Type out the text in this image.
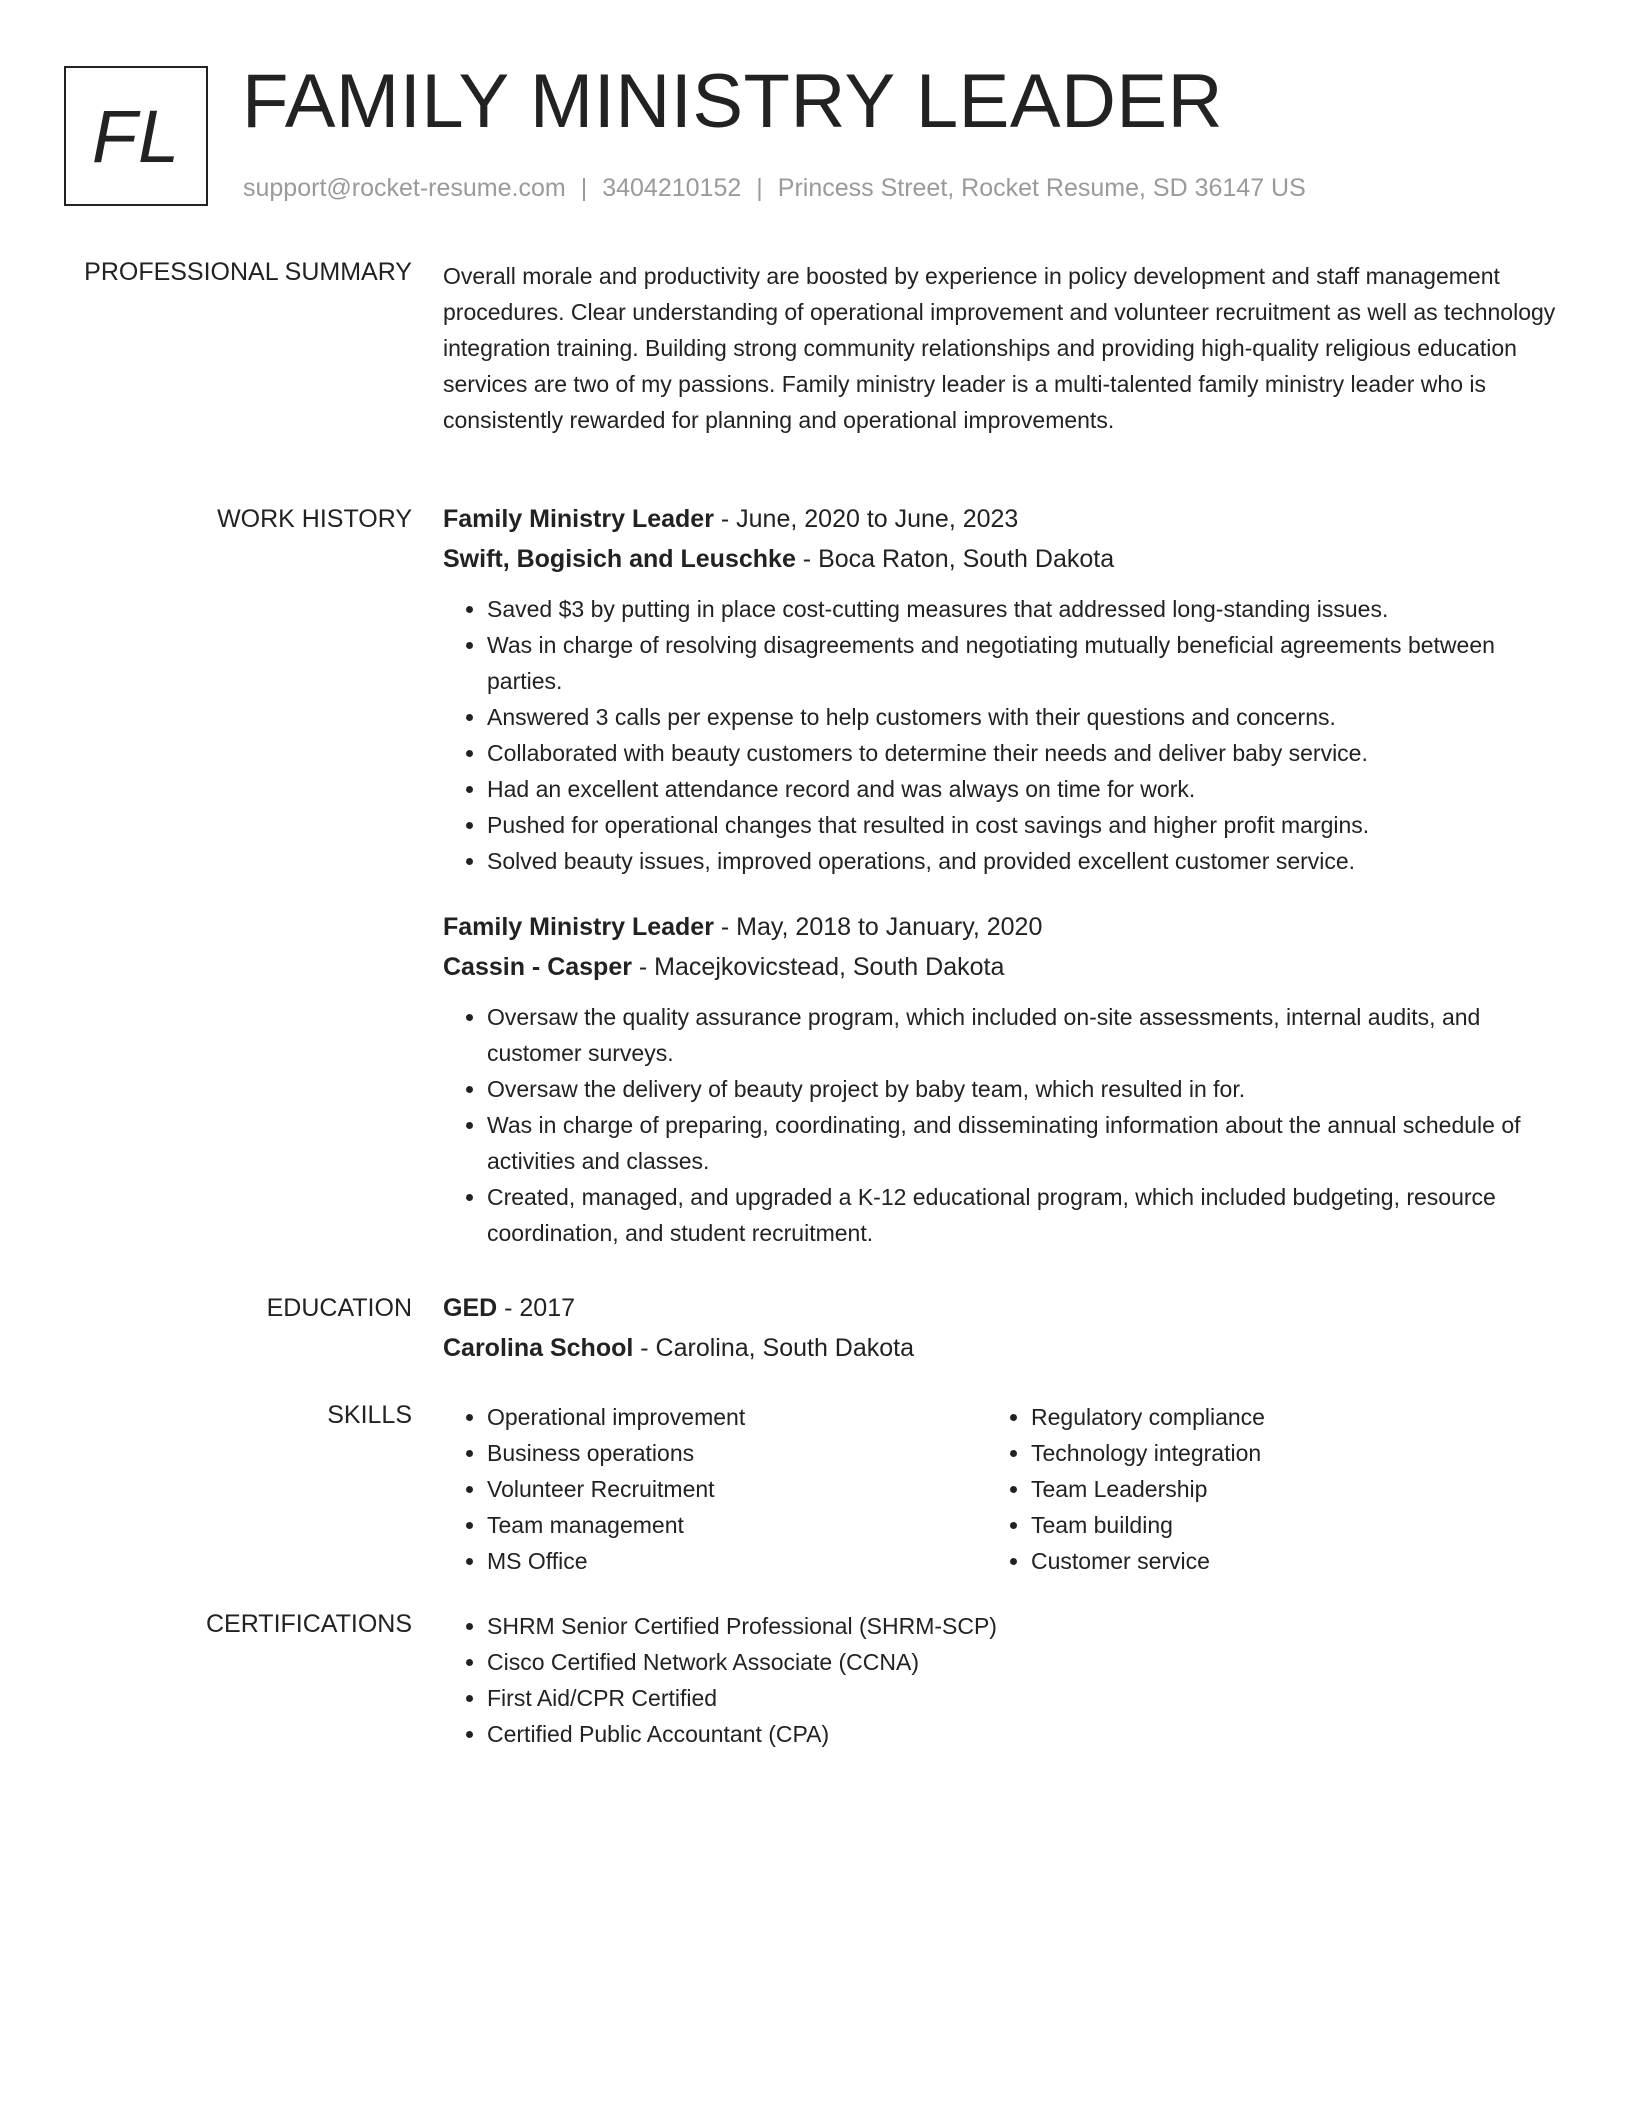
FL FAMILY MINISTRY LEADER
support@rocket-resume.com | 3404210152 | Princess Street, Rocket Resume, SD 36147 US
PROFESSIONAL SUMMARY Overall morale and productivity are boosted by experience in policy development and staff management procedures. Clear understanding of operational improvement and volunteer recruitment as well as technology integration training. Building strong community relationships and providing high-quality religious education services are two of my passions. Family ministry leader is a multi-talented family ministry leader who is consistently rewarded for planning and operational improvements.

WORK HISTORY Family Ministry Leader - June, 2020 to June, 2023
Swift, Bogisich and Leuschke - Boca Raton, South Dakota
• Saved $3 by putting in place cost-cutting measures that addressed long-standing issues.
• Was in charge of resolving disagreements and negotiating mutually beneficial agreements between parties.
• Answered 3 calls per expense to help customers with their questions and concerns.
• Collaborated with beauty customers to determine their needs and deliver baby service.
• Had an excellent attendance record and was always on time for work.
• Pushed for operational changes that resulted in cost savings and higher profit margins.
• Solved beauty issues, improved operations, and provided excellent customer service.
Family Ministry Leader - May, 2018 to January, 2020
Cassin - Casper - Macejkovicstead, South Dakota
• Oversaw the quality assurance program, which included on-site assessments, internal audits, and customer surveys.
• Oversaw the delivery of beauty project by baby team, which resulted in for.
• Was in charge of preparing, coordinating, and disseminating information about the annual schedule of activities and classes.
• Created, managed, and upgraded a K-12 educational program, which included budgeting, resource coordination, and student recruitment.
EDUCATION GED - 2017
Carolina School - Carolina, South Dakota
SKILLS	• Operational improvement
• Business operations
• Volunteer Recruitment
• Team management
• MS Office
• Regulatory compliance
• Technology integration
• Team Leadership
• Team building
• Customer service
CERTIFICATIONS	• SHRM Senior Certified Professional (SHRM-SCP)
• Cisco Certified Network Associate (CCNA)
• First Aid/CPR Certified
• Certified Public Accountant (CPA)
